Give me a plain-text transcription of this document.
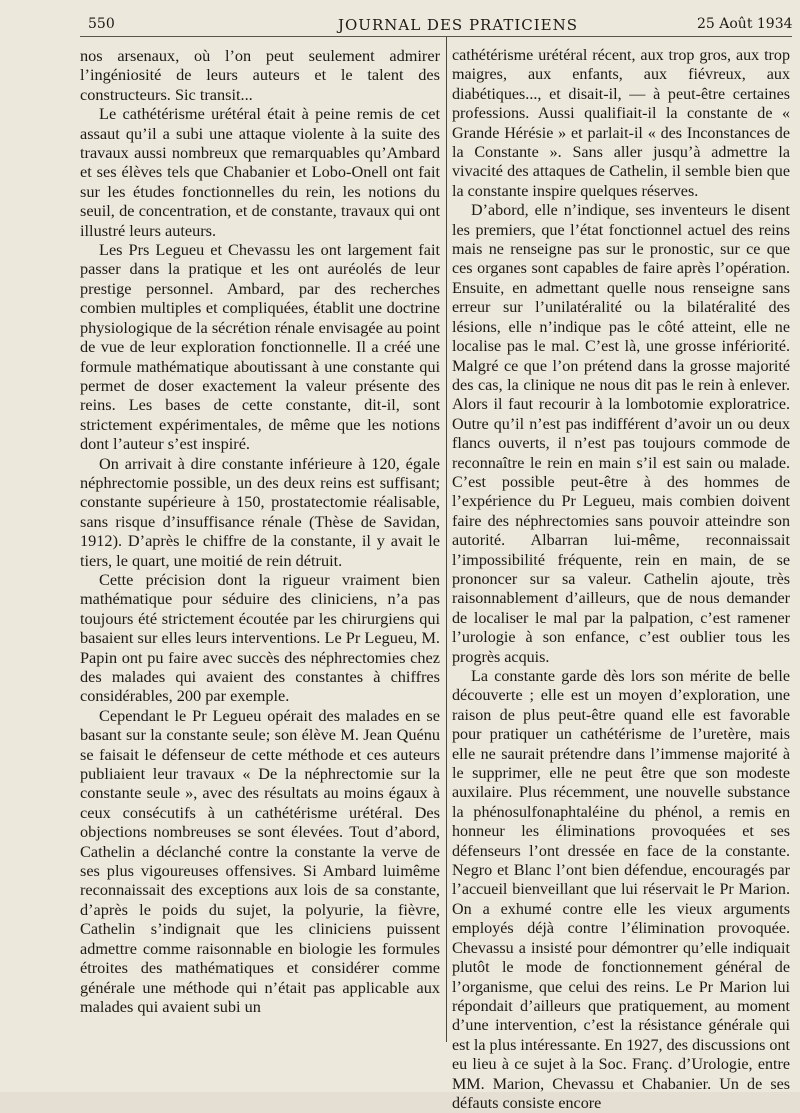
550	JOURNAL DES PRATICIENS	25 Août 1934

nos arsenaux, où l’on peut seulement admirer l’ingéniosité de leurs auteurs et le talent des constructeurs. Sic transit...

Le cathétérisme urétéral était à peine remis de cet assaut qu’il a subi une attaque violente à la suite des travaux aussi nombreux que remarquables qu’Ambard et ses élèves tels que Chabanier et Lobo-Onell ont fait sur les études fonctionnelles du rein, les notions du seuil, de concentration, et de constante, travaux qui ont illustré leurs auteurs.

Les Prs Legueu et Chevassu les ont largement fait passer dans la pratique et les ont auréolés de leur prestige personnel. Ambard, par des recherches combien multiples et compliquées, établit une doctrine physiologique de la sécrétion rénale envisagée au point de vue de leur exploration fonctionnelle. Il a créé une formule mathématique aboutissant à une constante qui permet de doser exactement la valeur présente des reins. Les bases de cette constante, dit-il, sont strictement expérimentales, de même que les notions dont l’auteur s’est inspiré.

On arrivait à dire constante inférieure à 120, égale néphrectomie possible, un des deux reins est suffisant; constante supérieure à 150, prostatectomie réalisable, sans risque d’insuffisance rénale (Thèse de Savidan, 1912). D’après le chiffre de la constante, il y avait le tiers, le quart, une moitié de rein détruit.

Cette précision dont la rigueur vraiment bien mathématique pour séduire des cliniciens, n’a pas toujours été strictement écoutée par les chirurgiens qui basaient sur elles leurs interventions. Le Pr Legueu, M. Papin ont pu faire avec succès des néphrectomies chez des malades qui avaient des constantes à chiffres considérables, 200 par exemple.

Cependant le Pr Legueu opérait des malades en se basant sur la constante seule; son élève M. Jean Quénu se faisait le défenseur de cette méthode et ces auteurs publiaient leur travaux « De la néphrectomie sur la constante seule », avec des résultats au moins égaux à ceux consécutifs à un cathétérisme urétéral. Des objections nombreuses se sont élevées. Tout d’abord, Cathelin a déclanché contre la constante la verve de ses plus vigoureuses offensives. Si Ambard luimême reconnaissait des exceptions aux lois de sa constante, d’après le poids du sujet, la polyurie, la fièvre, Cathelin s’indignait que les cliniciens puissent admettre comme raisonnable en biologie les formules étroites des mathématiques et considérer comme générale une méthode qui n’était pas applicable aux malades qui avaient subi un

cathétérisme urétéral récent, aux trop gros, aux trop maigres, aux enfants, aux fiévreux, aux diabétiques..., et disait-il, — à peut-être certaines professions. Aussi qualifiait-il la constante de « Grande Hérésie » et parlait-il « des Inconstances de la Constante ». Sans aller jusqu’à admettre la vivacité des attaques de Cathelin, il semble bien que la constante inspire quelques réserves.

D’abord, elle n’indique, ses inventeurs le disent les premiers, que l’état fonctionnel actuel des reins mais ne renseigne pas sur le pronostic, sur ce que ces organes sont capables de faire après l’opération. Ensuite, en admettant quelle nous renseigne sans erreur sur l’unilatéralité ou la bilatéralité des lésions, elle n’indique pas le côté atteint, elle ne localise pas le mal. C’est là, une grosse infériorité. Malgré ce que l’on prétend dans la grosse majorité des cas, la clinique ne nous dit pas le rein à enlever. Alors il faut recourir à la lombotomie exploratrice. Outre qu’il n’est pas indifférent d’avoir un ou deux flancs ouverts, il n’est pas toujours commode de reconnaître le rein en main s’il est sain ou malade. C’est possible peut-être à des hommes de l’expérience du Pr Legueu, mais combien doivent faire des néphrectomies sans pouvoir atteindre son autorité. Albarran lui-même, reconnaissait l’impossibilité fréquente, rein en main, de se prononcer sur sa valeur. Cathelin ajoute, très raisonnablement d’ailleurs, que de nous demander de localiser le mal par la palpation, c’est ramener l’urologie à son enfance, c’est oublier tous les progrès acquis.

La constante garde dès lors son mérite de belle découverte ; elle est un moyen d’exploration, une raison de plus peut-être quand elle est favorable pour pratiquer un cathétérisme de l’uretère, mais elle ne saurait prétendre dans l’immense majorité à le supprimer, elle ne peut être que son modeste auxilaire. Plus récemment, une nouvelle substance la phénosulfonaphtaléine du phénol, a remis en honneur les éliminations provoquées et ses défenseurs l’ont dressée en face de la constante. Negro et Blanc l’ont bien défendue, encouragés par l’accueil bienveillant que lui réservait le Pr Marion. On a exhumé contre elle les vieux arguments employés déjà contre l’élimination provoquée. Chevassu a insisté pour démontrer qu’elle indiquait plutôt le mode de fonctionnement général de l’organisme, que celui des reins. Le Pr Marion lui répondait d’ailleurs que pratiquement, au moment d’une intervention, c’est la résistance générale qui est la plus intéressante. En 1927, des discussions ont eu lieu à ce sujet à la Soc. Franç. d’Urologie, entre MM. Marion, Chevassu et Chabanier. Un de ses défauts consiste encore
